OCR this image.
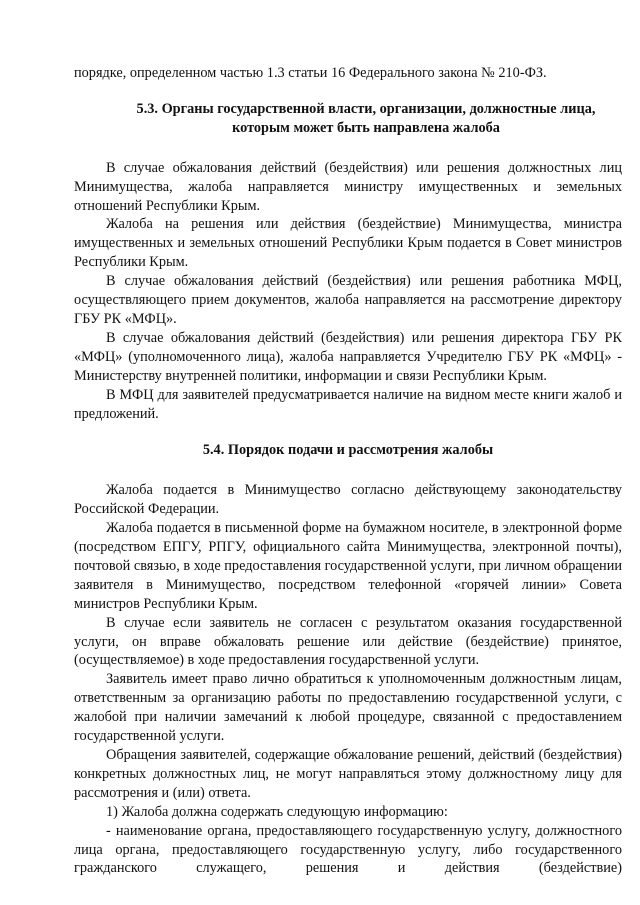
порядке, определенном частью 1.3 статьи 16 Федерального закона № 210-ФЗ.

5.3. Органы государственной власти, организации, должностные лица,
которым может быть направлена жалоба

В случае обжалования действий (бездействия) или решения должностных лиц Минимущества, жалоба направляется министру имущественных и земельных отношений Республики Крым.

Жалоба на решения или действия (бездействие) Минимущества, министра имущественных и земельных отношений Республики Крым подается в Совет министров Республики Крым.

В случае обжалования действий (бездействия) или решения работника МФЦ, осуществляющего прием документов, жалоба направляется на рассмотрение директору ГБУ РК «МФЦ».

В случае обжалования действий (бездействия) или решения директора ГБУ РК «МФЦ» (уполномоченного лица), жалоба направляется Учредителю ГБУ РК «МФЦ» - Министерству внутренней политики, информации и связи Республики Крым.

В МФЦ для заявителей предусматривается наличие на видном месте книги жалоб и предложений.

5.4. Порядок подачи и рассмотрения жалобы

Жалоба подается в Минимущество согласно действующему законодательству Российской Федерации.

Жалоба подается в письменной форме на бумажном носителе, в электронной форме (посредством ЕПГУ, РПГУ, официального сайта Минимущества, электронной почты), почтовой связью, в ходе предоставления государственной услуги, при личном обращении заявителя в Минимущество, посредством телефонной «горячей линии» Совета министров Республики Крым.

В случае если заявитель не согласен с результатом оказания государственной услуги, он вправе обжаловать решение или действие (бездействие) принятое, (осуществляемое) в ходе предоставления государственной услуги.

Заявитель имеет право лично обратиться к уполномоченным должностным лицам, ответственным за организацию работы по предоставлению государственной услуги, с жалобой при наличии замечаний к любой процедуре, связанной с предоставлением государственной услуги.

Обращения заявителей, содержащие обжалование решений, действий (бездействия) конкретных должностных лиц, не могут направляться этому должностному лицу для рассмотрения и (или) ответа.

1) Жалоба должна содержать следующую информацию:

- наименование органа, предоставляющего государственную услугу, должностного лица органа, предоставляющего государственную услугу, либо государственного гражданского служащего, решения и действия (бездействие)
